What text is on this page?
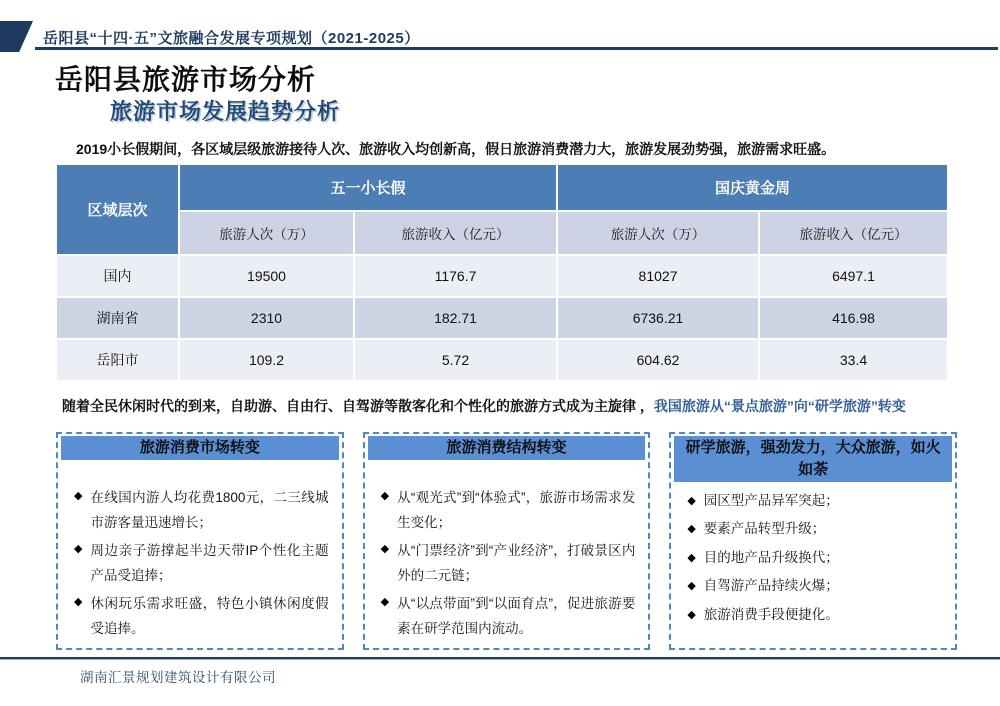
岳阳县“十四·五”文旅融合发展专项规划（2021-2025）
岳阳县旅游市场分析
旅游市场发展趋势分析

2019小长假期间，各区域层级旅游接待人次、旅游收入均创新高，假日旅游消费潜力大，旅游发展劲势强，旅游需求旺盛。

区域层次	五一小长假		国庆黄金周	
	旅游人次（万）	旅游收入（亿元）	旅游人次（万）	旅游收入（亿元）
国内	19500	1176.7	81027	6497.1
湖南省	2310	182.71	6736.21	416.98
岳阳市	109.2	5.72	604.62	33.4

随着全民休闲时代的到来，自助游、自由行、自驾游等散客化和个性化的旅游方式成为主旋律 ，我国旅游从“景点旅游”向“研学旅游”转变

旅游消费市场转变
◆ 在线国内游人均花费1800元，二三线城市游客量迅速增长；
◆ 周边亲子游撑起半边天带IP个性化主题产品受追捧；
◆ 休闲玩乐需求旺盛，特色小镇休闲度假受追捧。
旅游消费结构转变
◆ 从“观光式”到“体验式”，旅游市场需求发生变化；
◆ 从“门票经济”到“产业经济”，打破景区内外的二元链；
◆ 从“以点带面”到“以面育点”，促进旅游要素在研学范围内流动。
研学旅游，强劲发力，大众旅游，如火如荼
◆ 园区型产品异军突起；
◆ 要素产品转型升级；
◆ 目的地产品升级换代；
◆ 自驾游产品持续火爆；
◆ 旅游消费手段便捷化。
湖南汇景规划建筑设计有限公司
